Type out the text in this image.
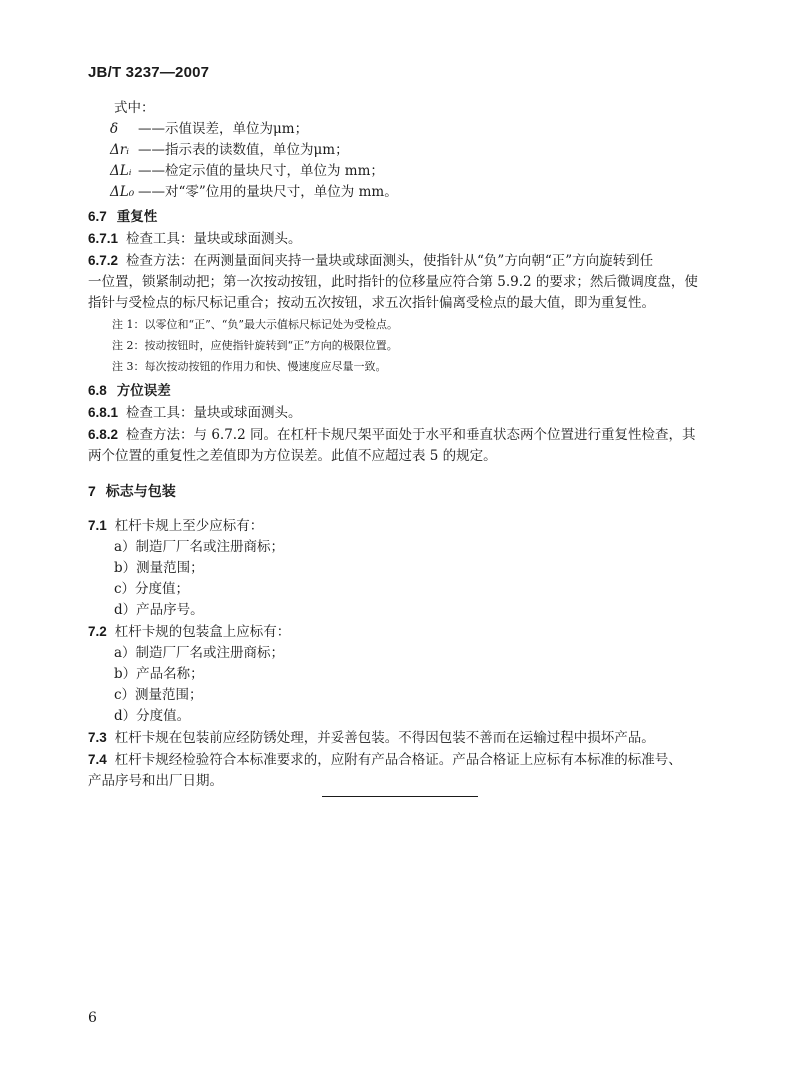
JB/T 3237—2007
式中：
δ ——示值误差，单位为μm；
Δrᵢ ——指示表的读数值，单位为μm；
ΔLᵢ ——检定示值的量块尺寸，单位为 mm；
ΔL₀ ——对“零”位用的量块尺寸，单位为 mm。
6.7 重复性
6.7.1 检查工具：量块或球面测头。
6.7.2 检查方法：在两测量面间夹持一量块或球面测头，使指针从“负”方向朝“正”方向旋转到任
一位置，锁紧制动把；第一次按动按钮，此时指针的位移量应符合第 5.9.2 的要求；然后微调度盘，使
指针与受检点的标尺标记重合；按动五次按钮，求五次指针偏离受检点的最大值，即为重复性。
注 1：以零位和“正”、“负”最大示值标尺标记处为受检点。
注 2：按动按钮时，应使指针旋转到“正”方向的极限位置。
注 3：每次按动按钮的作用力和快、慢速度应尽量一致。
6.8 方位误差
6.8.1 检查工具：量块或球面测头。
6.8.2 检查方法：与 6.7.2 同。在杠杆卡规尺架平面处于水平和垂直状态两个位置进行重复性检查，其
两个位置的重复性之差值即为方位误差。此值不应超过表 5 的规定。
7 标志与包装
7.1 杠杆卡规上至少应标有：
a）制造厂厂名或注册商标；
b）测量范围；
c）分度值；
d）产品序号。
7.2 杠杆卡规的包装盒上应标有：
a）制造厂厂名或注册商标；
b）产品名称；
c）测量范围；
d）分度值。
7.3 杠杆卡规在包装前应经防锈处理，并妥善包装。不得因包装不善而在运输过程中损坏产品。
7.4 杠杆卡规经检验符合本标准要求的，应附有产品合格证。产品合格证上应标有本标准的标准号、
产品序号和出厂日期。
6
